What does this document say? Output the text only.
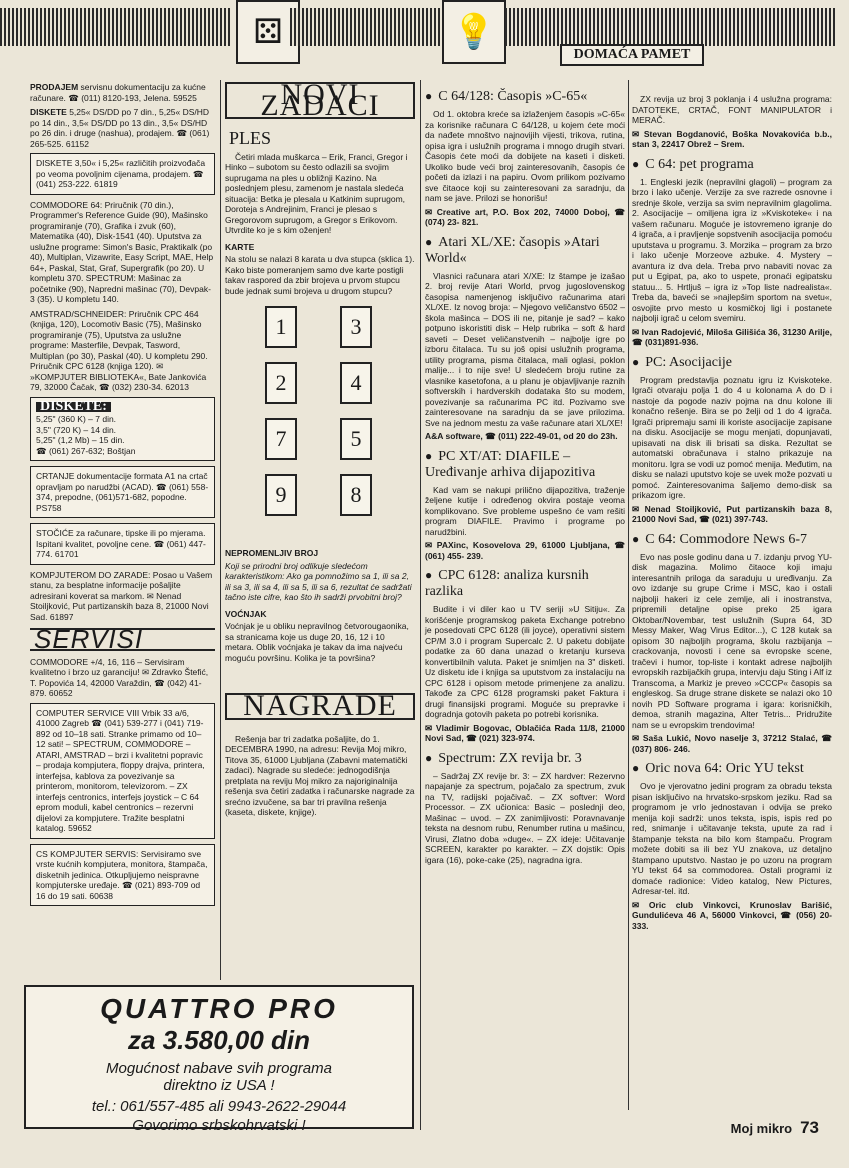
⚄	💡
DOMAĆA PAMET

PRODAJEM servisnu dokumentaciju za kućne računare. ☎ (011) 8120-193, Jelena. 59525

DISKETE 5,25« DS/DD po 7 din., 5,25« DS/HD po 14 din., 3,5« DS/DD po 13 din., 3,5« DS/HD po 26 din. i druge (nashua), prodajem. ☎ (061) 265-525. 61152

DISKETE 3,50« i 5,25« različitih proizvođača po veoma povoljnim cijenama, prodajem. ☎ (041) 253-222. 61819

COMMODORE 64: Priručnik (70 din.), Programmer's Reference Guide (90), Mašinsko programiranje (70), Grafika i zvuk (60), Matematika (40), Disk-1541 (40). Uputstva za uslužne programe: Simon's Basic, Praktikalk (po 40), Multiplan, Vizawrite, Easy Script, MAE, Help 64+, Paskal, Stat, Graf, Supergrafik (po 20). U kompletu 370. SPECTRUM: Mašinac za početnike (90), Napredni mašinac (70), Devpak-3 (35). U kompletu 140.

AMSTRAD/SCHNEIDER: Priručnik CPC 464 (knjiga, 120), Locomotiv Basic (75), Mašinsko programiranje (75), Uputstva za uslužne programe: Masterfile, Devpak, Tasword, Multiplan (po 30), Paskal (40). U kompletu 290. Priručnik CPC 6128 (knjiga 120). ✉ »KOMPJUTER BIBLIOTEKA«, Bate Jankovića 79, 32000 Čačak, ☎ (032) 230-34. 62013

DISKETE:
5,25" (360 K) – 7 din.
3,5" (720 K) – 14 din.
5,25" (1,2 Mb) – 15 din.
☎ (061) 267-632; Boštjan
CRTANJE dokumentacije formata A1 na crtač opravljam po narudžbi (ACAD). ☎ (061) 558-374, prepodne, (061)571-682, popodne. PS758
STOČIĆE za računare, tipske ili po mjerama. Ispitani kvalitet, povoljne cene. ☎ (061) 447-774. 61701

KOMPJUTEROM DO ZARADE: Posao u Vašem stanu, za besplatne informacije pošaljite adresirani koverat sa markom. ✉ Nenad Stoiljković, Put partizanskih baza 8, 21000 Novi Sad. 61897

SERVISI

COMMODORE +/4, 16, 116 – Servisiram kvalitetno i brzo uz garanciju! ✉ Zdravko Štefić, T. Popovića 14, 42000 Varaždin, ☎ (042) 41-879. 60652

COMPUTER SERVICE VIII Vrbik 33 a/6, 41000 Zagreb ☎ (041) 539-277 i (041) 719-892 od 10–18 sati. Stranke primamo od 10–12 sati! – SPECTRUM, COMMODORE – ATARI, AMSTRAD – brzi i kvalitetni popravic – prodaja kompjutera, floppy drajva, printera, interfejsa, kablova za povezivanje sa printerom, monitorom, televizorom. – ZX interfejs centronics, interfejs joystick – C 64 eprom moduli, kabel centronics – rezervni dijelovi za kompjutere. Tražite besplatni katalog. 59652
CS KOMPJUTER SERVIS: Servisiramo sve vrste kućnih kompjutera, monitora, štampača, disketnih jedinica. Otkupljujemo neispravne kompjuterske uređaje. ☎ (021) 893-709 od 16 do 19 sati. 60638
NOVI ZADACI
PLES

Četiri mlada muškarca – Erik, Franci, Gregor i Hinko – subotom su često odlazili sa svojim suprugama na ples u obližnji Kazino. Na poslednjem plesu, zamenom je nastala sledeća situacija: Betka je plesala u Katkinim suprugom, Doroteja s Andrejinim, Franci je plesao s Gregorovom suprugom, a Gregor s Erikovom. Utvrdite ko je s kim oženjen!

KARTE

Na stolu se nalazi 8 karata u dva stupca (sklica 1). Kako biste pomeranjem samo dve karte postigli takav raspored da zbir brojeva u prvom stupcu bude jednak sumi brojeva u drugom stupcu?

1	3
2	4
7	5
9	8

NEPROMENLJIV BROJ

Koji se prirodni broj odlikuje sledećom karakteristikom: Ako ga pomnožimo sa 1, ili sa 2, ili sa 3, ili sa 4, ili sa 5, ili sa 6, rezultat će sadržati tačno iste cifre, kao što ih sadrži prvobitni broj?

VOĆNJAK

Voćnjak je u obliku nepravilnog četvorougaonika, sa stranicama koje us duge 20, 16, 12 i 10 metara. Oblik voćnjaka je takav da ima najveću moguću površinu. Kolika je ta površina?

NAGRADE

Rešenja bar tri zadatka pošaljite, do 1. DECEMBRA 1990, na adresu: Revija Moj mikro, Titova 35, 61000 Ljubljana (Zabavni matematički zadaci). Nagrade su sledeće: jednogodišnja pretplata na reviju Moj mikro za najoriginalnija rešenja sva četiri zadatka i računarske nagrade za srećno izvučene, sa bar tri pravilna rešenja (kaseta, diskete, knjige).

● C 64/128: Časopis »C-65«

Od 1. oktobra kreće sa izlaženjem časopis »C-65« za korisnike računara C 64/128, u kojem ćete moći da nađete mnoštvo najnovijih vijesti, trikova, rutina, opisa igra i uslužnih programa i mnogo drugih stvari. Časopis ćete moći da dobijete na kaseti i disketi. Ukoliko bude veći broj zainteresovanih, časopis će početi da izlazi i na papiru. Ovom prilikom pozivamo sve čitaoce koji su zainteresovani za saradnju, da nam se jave. Prilozi se honorišu!

✉ Creative art, P.O. Box 202, 74000 Doboj, ☎ (074) 23- 821.

● Atari XL/XE: časopis »Atari World«

Vlasnici računara atari X/XE: Iz štampe je izašao 2. broj revije Atari World, prvog jugoslovenskog časopisa namenjenog isključivo računarima atari XL/XE. Iz novog broja: – Njegovo veličanstvo 6502 – škola mašinca – DOS ili ne, pitanje je sad? – kako potpuno iskoristiti disk – Help rubrika – soft & hard saveti – Deset veličanstvenih – najbolje igre po izboru čitalaca. Tu su još opisi uslužnih programa, utility programa, pisma čitalaca, mali oglasi, poklon malije... i to nije sve! U sledećem broju rutine za vlasnike kasetofona, a u planu je objavljivanje raznih softverskih i hardverskih dodataka što su modem, povezivanje sa računarima PC itd. Pozivamo sve zainteresovane na saradnju da se jave prilozima. Sve na jednom mestu za vaše računare atari XL/XE!

A&A software, ☎ (011) 222-49-01, od 20 do 23h.

● PC XT/AT: DIAFILE – Uređivanje arhiva dijapozitiva

Kad vam se nakupi prilično dijapozitiva, traženje željene kutije i određenog okvira postaje veoma komplikovano. Sve probleme uspešno će vam rešiti program DIAFILE. Pravimo i programe po narudžbini.

✉ PAXinc, Kosovelova 29, 61000 Ljubljana, ☎ (061) 455- 239.

● CPC 6128: analiza kursnih razlika

Budite i vi diler kao u TV seriji »U Sitiju«. Za korišćenje programskog paketa Exchange potrebno je posedovati CPC 6128 (ili joyce), operativni sistem CP/M 3.0 i program Supercalc 2. U paketu dobijate podatke za 60 dana unazad o kretanju kurseva konvertibilnih valuta. Paket je snimljen na 3" disketi. Uz disketu ide i knjiga sa uputstvom za instalaciju na CPC 6128 i opisom metode primenjene za analizu. Takođe za CPC 6128 programski paket Faktura i drugi finansijski programi. Moguće su prepravke i dogradnja gotovih paketa po potrebi korisnika.

✉ Vladimir Bogovac, Oblačića Rada 11/8, 21000 Novi Sad, ☎ (021) 323-974.

● Spectrum: ZX revija br. 3

– Sadržaj ZX revije br. 3: – ZX hardver: Rezervno napajanje za spectrum, pojačalo za spectrum, zvuk na TV, radijski pojačivač. – ZX softver: Word Processor. – ZX učionica: Basic – poslednji deo, Mašinac – uvod. – ZX zanimljivosti: Poravnavanje teksta na desnom rubu, Renumber rutina u mašincu, Virusi, Zlatno doba »duge«. – ZX ideje: Učitavanje SCREEN, karakter po karakter. – ZX dojstik: Opis igara (16), poke-cake (25), nagradna igra.

ZX revija uz broj 3 poklanja i 4 uslužna programa: DATOTEKE, CRTAČ, FONT MANIPULATOR i MERAČ.

✉ Stevan Bogdanović, Boška Novakovića b.b., stan 3, 22417 Obrež – Srem.

● C 64: pet programa

1. Engleski jezik (nepravilni glagoli) – program za brzo i lako učenje. Verzije za sve razrede osnovne i srednje škole, verzija sa svim nepravilnim glagolima. 2. Asocijacije – omiljena igra iz »Kviskoteke« i na vašem računaru. Moguće je istovremeno igranje do 4 igrača, a i pravljenje sopstvenih asocijacija pomoću uputstava u programu. 3. Morzika – program za brzo i lako učenje Morzeove azbuke. 4. Mystery – avantura iz dva dela. Treba prvo nabaviti novac za put u Egipat, pa, ako to uspete, pronaći egipatsku statuu... 5. Hrtljuš – igra iz »Top liste nadrealista«. Treba da, baveći se »najlepšim sportom na svetu«, osvojite prvo mesto u kosmičkoj ligi i postanete najbolji igrač u celom svemiru.

✉ Ivan Radojević, Miloša Gilišića 36, 31230 Arilje, ☎ (031)891-936.

● PC: Asocijacije

Program predstavlja poznatu igru iz Kviskoteke. Igrači otvaraju polja 1 do 4 u kolonama A do D i nastoje da pogode naziv pojma na dnu kolone ili konačno rešenje. Bira se po želji od 1 do 4 igrača. Igrači pripremaju sami ili koriste asocijacije zapisane na disku. Asocijacije se mogu menjati, dopunjavati, upisavati na disk ili brisati sa diska. Rezultat se automatski obračunava i stalno prikazuje na monitoru. Igra se vodi uz pomoć menija. Međutim, na disku se nalazi uputstvo koje se uvek može pozvati u pomoć. Zainteresovanima šaljemo demo-disk sa prikazom igre.

✉ Nenad Stoiljković, Put partizanskih baza 8, 21000 Novi Sad, ☎ (021) 397-743.

● C 64: Commodore News 6-7

Evo nas posle godinu dana u 7. izdanju prvog YU-disk magazina. Molimo čitaoce koji imaju interesantnih priloga da saraduju u uređivanju. Za ovo izdanje su grupe Crime i MSC, kao i ostali najbolji hakeri iz cele zemlje, ali i inostranstva, pripremili detaljne opise preko 25 igara Oktobar/Novembar, test uslužnih (Supra 64, 3D Messy Maker, Wag Virus Editor...), C 128 kutak sa opisom 30 najboljih programa, školu razbijanja – crackovanja, novosti i cene sa evropske scene, tračevi i humor, top-liste i kontakt adrese najboljih evropskih razbijačkih grupa, intervju daju Sting i Alf iz Transcoma, a Markiz je preveo »CCCP« časopis sa engleskog. Sa druge strane diskete se nalazi oko 10 novih PD Software programa i igara: korisničkih, demoa, stranih magazina, Alter Tetris... Pridružite nam se u evropskim trendovima!

✉ Saša Lukić, Novo naselje 3, 37212 Stalać, ☎ (037) 806- 246.

● Oric nova 64: Oric YU tekst

Ovo je vjerovatno jedini program za obradu teksta pisan isključivo na hrvatsko-srpskom jeziku. Rad sa programom je vrlo jednostavan i odvija se preko menija koji sadrži: unos teksta, ispis, ispis red po red, snimanje i učitavanje teksta, upute za rad i štampanje teksta na bilo kom štampaču. Program možete dobiti sa ili bez YU znakova, uz detaljno štampano uputstvo. Nastao je po uzoru na program YU tekst 64 sa commodorea. Ostali programi iz domaće radionice: Video katalog, New Pictures, Adresar-tel. itd.

✉ Oric club Vinkovci, Krunoslav Barišić, Gundulićeva 46 A, 56000 Vinkovci, ☎ (056) 20-333.

QUATTRO PRO
za 3.580,00 din
Mogućnost nabave svih programa
direktno iz USA !
tel.: 061/557-485 ali 9943-2622-29044
Govorimo srbskohrvatski !	Moj mikro 73
